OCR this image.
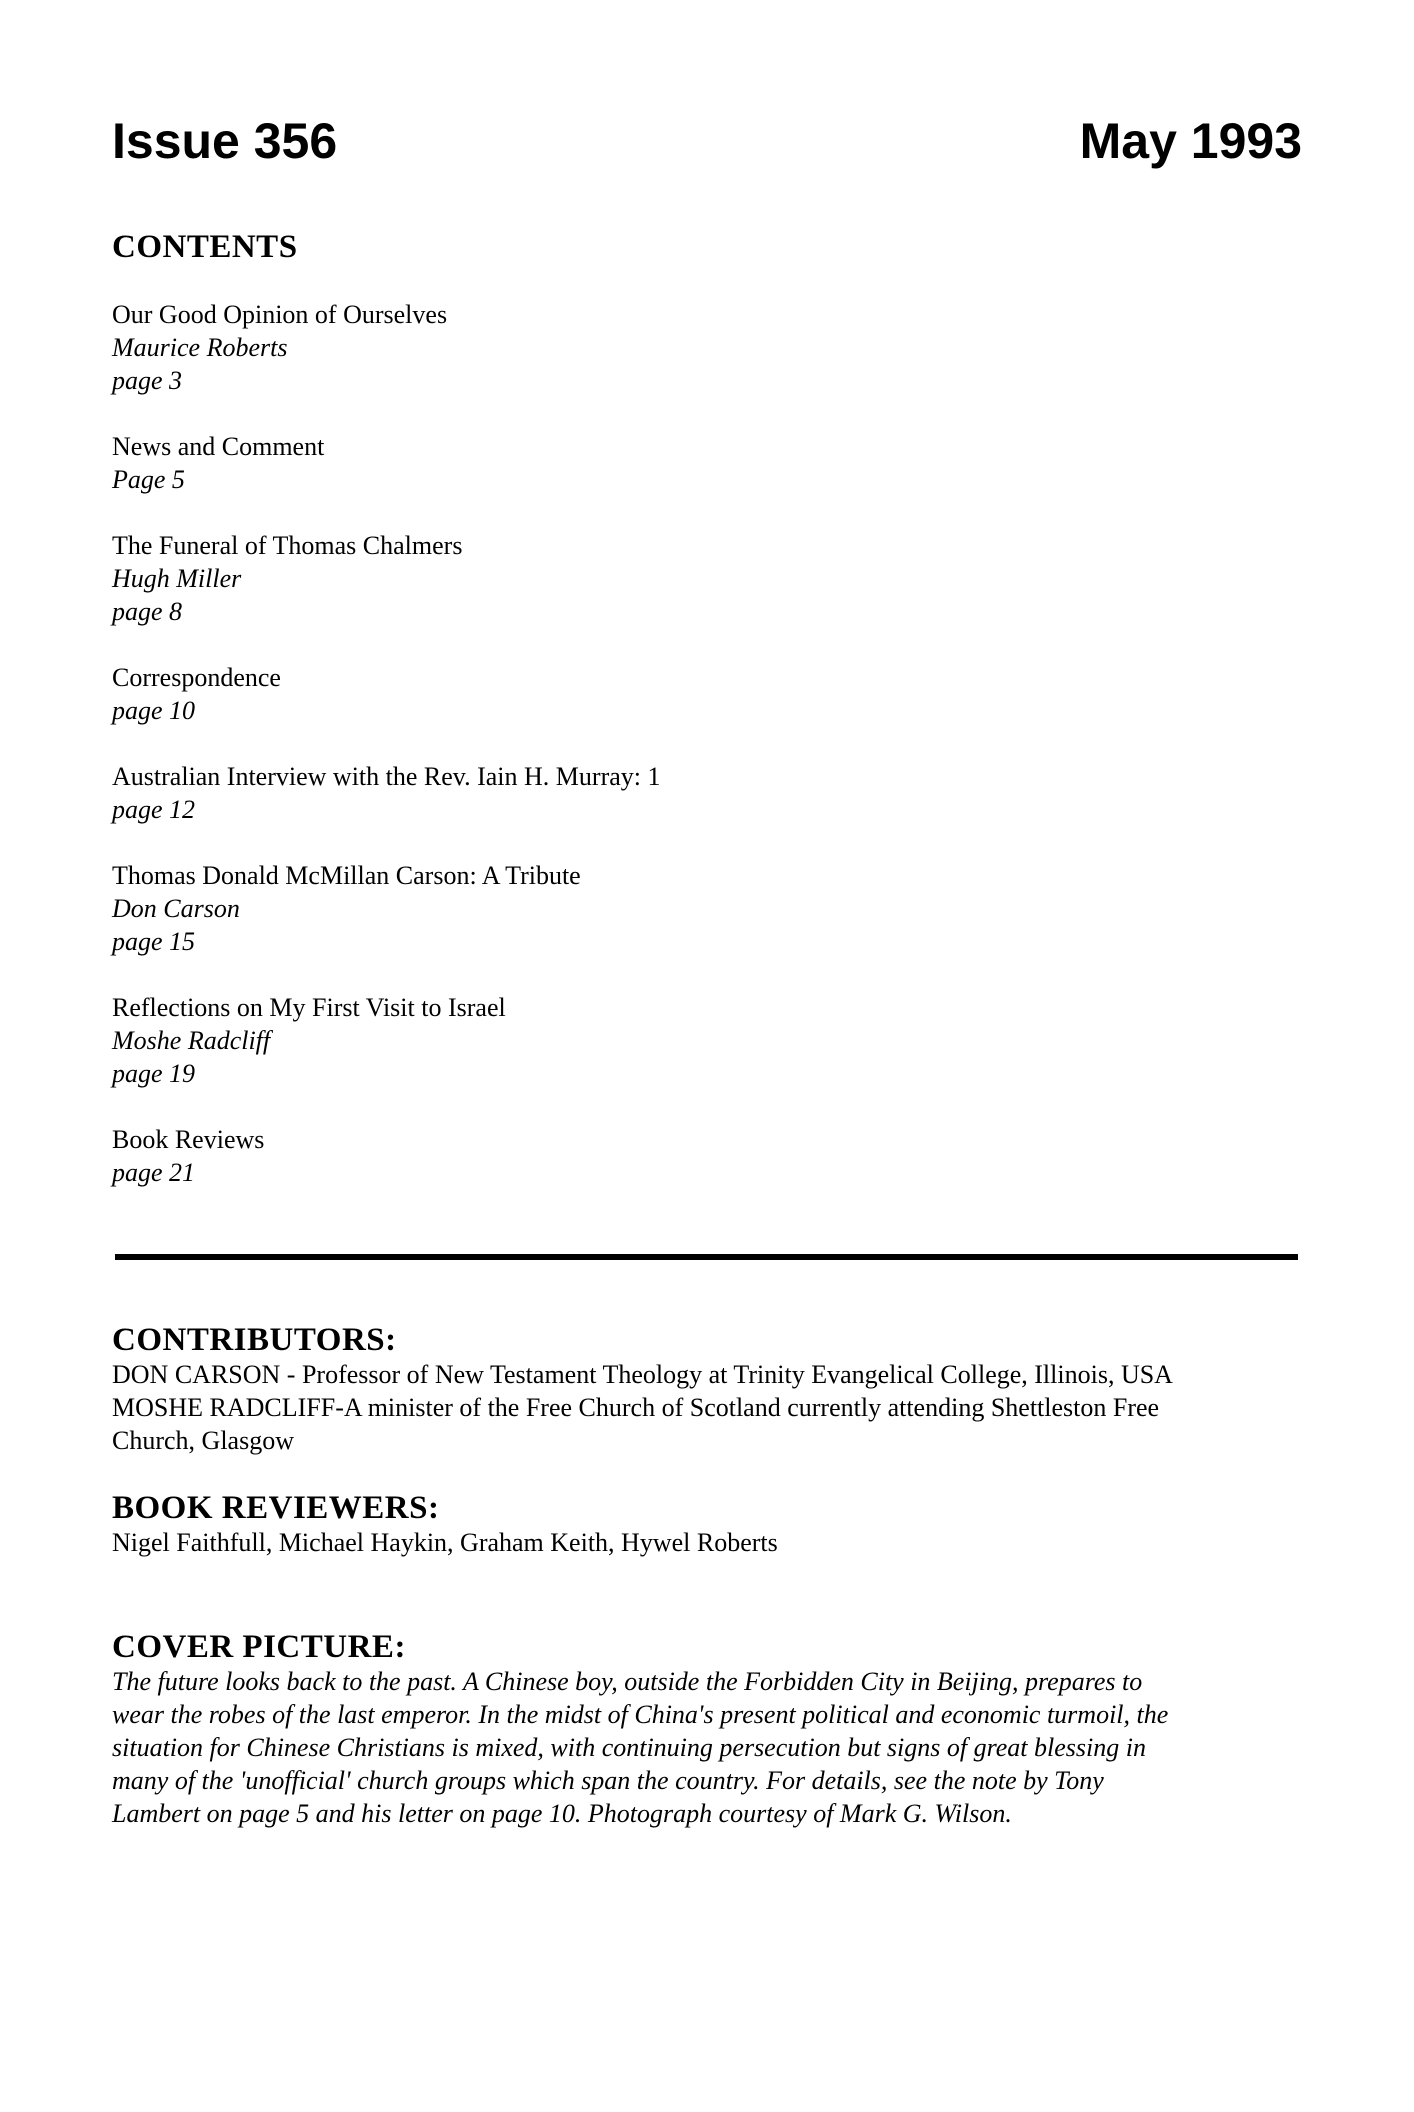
Issue 356	May 1993
CONTENTS
Our Good Opinion of Ourselves
Maurice Roberts
page 3
News and Comment
Page 5
The Funeral of Thomas Chalmers
Hugh Miller
page 8
Correspondence
page 10
Australian Interview with the Rev. Iain H. Murray: 1
page 12
Thomas Donald McMillan Carson: A Tribute
Don Carson
page 15
Reflections on My First Visit to Israel
Moshe Radcliff
page 19
Book Reviews
page 21
CONTRIBUTORS:
DON CARSON - Professor of New Testament Theology at Trinity Evangelical College, Illinois, USA
MOSHE RADCLIFF-A minister of the Free Church of Scotland currently attending Shettleston Free
Church, Glasgow
BOOK REVIEWERS:
Nigel Faithfull, Michael Haykin, Graham Keith, Hywel Roberts
COVER PICTURE:
The future looks back to the past. A Chinese boy, outside the Forbidden City in Beijing, prepares to
wear the robes of the last emperor. In the midst of China's present political and economic turmoil, the
situation for Chinese Christians is mixed, with continuing persecution but signs of great blessing in
many of the 'unofficial' church groups which span the country. For details, see the note by Tony
Lambert on page 5 and his letter on page 10. Photograph courtesy of Mark G. Wilson.
